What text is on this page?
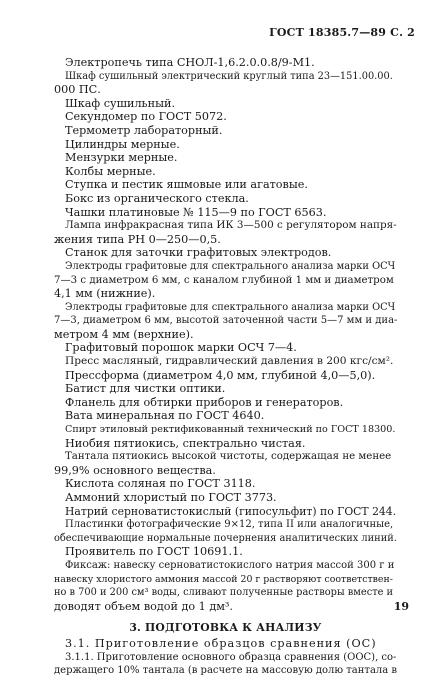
ГОСТ 18385.7—89 С. 2
Электропечь типа СНОЛ-1,6.2.0.0.8/9-М1.
Шкаф сушильный электрический круглый типа 23—151.00.00.
000 ПС.
Шкаф сушильный.
Секундомер по ГОСТ 5072.
Термометр лабораторный.
Цилиндры мерные.
Мензурки мерные.
Колбы мерные.
Ступка и пестик яшмовые или агатовые.
Бокс из органического стекла.
Чашки платиновые № 115—9 по ГОСТ 6563.
Лампа инфракрасная типа ИК 3—500 с регулятором напря-
жения типа РН 0—250—0,5.
Станок для заточки графитовых электродов.
Электроды графитовые для спектрального анализа марки ОСЧ
7—3 с диаметром 6 мм, с каналом глубиной 1 мм и диаметром
4,1 мм (нижние).
Электроды графитовые для спектрального анализа марки ОСЧ
7—3, диаметром 6 мм, высотой заточенной части 5—7 мм и диа-
метром 4 мм (верхние).
Графитовый порошок марки ОСЧ 7—4.
Пресс масляный, гидравлический давления в 200 кгс/см².
Прессформа (диаметром 4,0 мм, глубиной 4,0—5,0).
Батист для чистки оптики.
Фланель для обтирки приборов и генераторов.
Вата минеральная по ГОСТ 4640.
Спирт этиловый ректификованный технический по ГОСТ 18300.
Ниобия пятиокись, спектрально чистая.
Тантала пятиокись высокой чистоты, содержащая не менее
99,9% основного вещества.
Кислота соляная по ГОСТ 3118.
Аммоний хлористый по ГОСТ 3773.
Натрий серноватистокислый (гипосульфит) по ГОСТ 244.
Пластинки фотографические 9×12, типа II или аналогичные,
обеспечивающие нормальные почернения аналитических линий.
Проявитель по ГОСТ 10691.1.
Фиксаж: навеску серноватистокислого натрия массой 300 г и
навеску хлористого аммония массой 20 г растворяют соответствен-
но в 700 и 200 см³ воды, сливают полученные растворы вместе и
доводят объем водой до 1 дм³.
3. ПОДГОТОВКА К АНАЛИЗУ
3.1. Приготовление образцов сравнения (ОС)
3.1.1. Приготовление основного образца сравнения (ООС), со-
держащего 10% тантала (в расчете на массовую долю тантала в
19
